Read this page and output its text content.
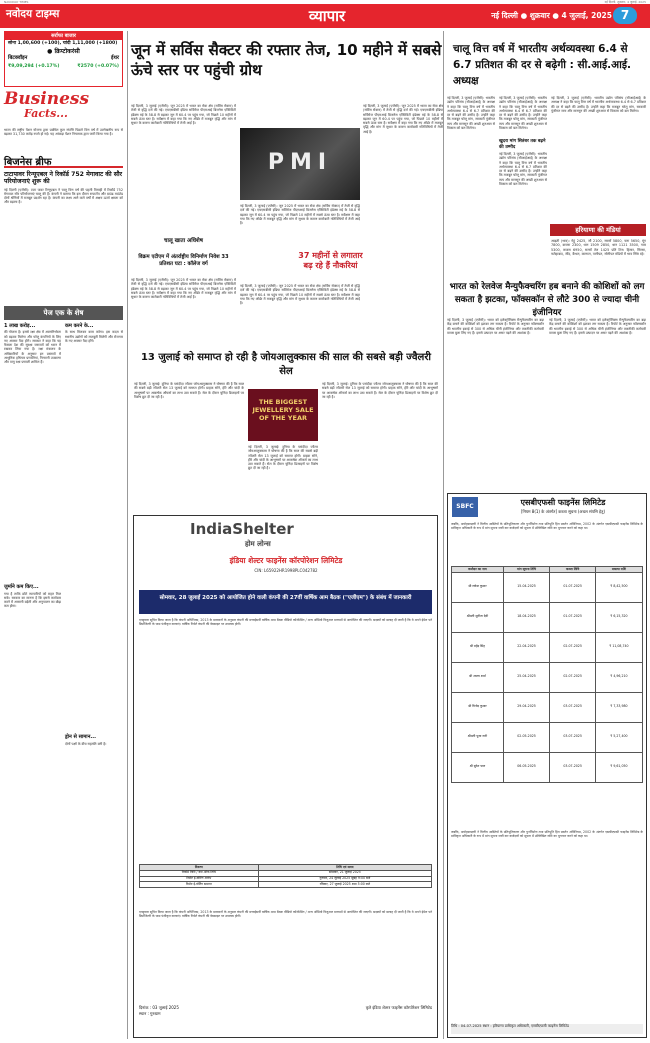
NAVODAY TIMES	नई दिल्ली, शुक्रवार, 4 जुलाई, 2025
नवोदय टाइम्स	व्यापार	नई दिल्ली ● शुक्रवार ● 4 जुलाई, 2025 7
सर्राफा बाजार
सोना 1,00,600 (+100), चांदी 1,11,000 (+1800)
● क्रिप्टोकरंसी
बिटक्वॉइन	ईथर
₹9,09,294 (+0.17%)	₹2570 (+0.07%)
Business
Facts...
भारत की राष्ट्रीय पेंशन योजना द्वारा प्रबंधित कुल संपत्ति पिछले वित्त वर्ष में उल्लेखनीय रूप से बढ़कर 31,730 करोड़ रुपये हो गई। यह आंकड़ा पेंशन नियामक द्वारा जारी किया गया है।
बिजनेस ब्रीफ
टाटापावर रिन्यूएबल ने रिकॉर्ड 752 मेगावाट की सौर परियोजनाएं शुरू की
नई दिल्ली (एजेंसी): टाटा पावर रिन्यूएबल ने चालू वित्त वर्ष की पहली तिमाही में रिकॉर्ड 752 मेगावाट सौर परियोजनाएं चालू की हैं। कंपनी ने बताया कि इस दौरान रूफटॉप और ग्राउंड माउंटेड दोनों श्रेणियों में मजबूत प्रदर्शन रहा है। कंपनी का लक्ष्य आने वाले वर्षों में अक्षय ऊर्जा क्षमता को और बढ़ाना है।
पेज एक के शेष
1 लाख करोड़...
की योजना है। इससे रक्षा क्षेत्र में आत्मनिर्भरता को बढ़ावा मिलेगा और घरेलू कंपनियों के लिए नए अवसर पैदा होंगे। सरकार ने कहा कि यह फैसला देश की सुरक्षा जरूरतों को ध्यान में रखकर लिया गया है। रक्षा मंत्रालय के अधिकारियों के अनुसार इन प्रस्तावों में आधुनिक हथियार प्रणालियां, निगरानी उपकरण और वायु रक्षा प्रणाली शामिल हैं।
जुर्माने कम किए...
गया है ताकि छोटे व्यापारियों को राहत मिल सके। सरकार का मानना है कि इससे कारोबार करने में आसानी बढ़ेगी और अनुपालन का बोझ कम होगा।
कम करने के...
के साथ मिलकर काम करेगा। इस कदम से स्थानीय उद्योगों को मजबूती मिलेगी और रोजगार के नए अवसर पैदा होंगे।
ड्रोन से सामान...
दोनों पक्षों के बीच सहमति बनी है।
जून में सर्विस सैक्टर की रफ्तार तेज, 10 महीने में सबसे ऊंचे स्तर पर पहुंची ग्रोथ
नई दिल्ली, 3 जुलाई (एजेंसी): जून 2025 में भारत का सेवा क्षेत्र (सर्विस सेक्टर) में तेजी से वृद्धि दर्ज की गई। एचएसबीसी इंडिया सर्विसेज पीएमआई बिजनेस एक्टिविटी इंडेक्स मई के 58.8 से बढ़कर जून में 60.4 पर पहुंच गया, जो पिछले 10 महीनों में सबसे ऊंचा स्तर है। सर्वेक्षण में कहा गया कि नए ऑर्डर में मजबूत वृद्धि और मांग में सुधार के कारण कारोबारी गतिविधियों में तेजी आई है।
PMI
नई दिल्ली, 3 जुलाई (एजेंसी): जून 2025 में भारत का सेवा क्षेत्र (सर्विस सेक्टर) में तेजी से वृद्धि दर्ज की गई। एचएसबीसी इंडिया सर्विसेज पीएमआई बिजनेस एक्टिविटी इंडेक्स मई के 58.8 से बढ़कर जून में 60.4 पर पहुंच गया, जो पिछले 10 महीनों में सबसे ऊंचा स्तर है। सर्वेक्षण में कहा गया कि नए ऑर्डर में मजबूत वृद्धि और मांग में सुधार के कारण कारोबारी गतिविधियों में तेजी आई है।
नई दिल्ली, 3 जुलाई (एजेंसी): जून 2025 में भारत का सेवा क्षेत्र (सर्विस सेक्टर) में तेजी से वृद्धि दर्ज की गई। एचएसबीसी इंडिया सर्विसेज पीएमआई बिजनेस एक्टिविटी इंडेक्स मई के 58.8 से बढ़कर जून में 60.4 पर पहुंच गया, जो पिछले 10 महीनों में सबसे ऊंचा स्तर है। सर्वेक्षण में कहा गया कि नए ऑर्डर में मजबूत वृद्धि और मांग में सुधार के कारण कारोबारी गतिविधियों में तेजी आई है।
37 महीनों से लगातार बढ़ रहे हैं नौकरियां
चालू खाता अधिशेष
विक्रम एटीएम में अंतर्राष्ट्रीय विनिर्माण निवेश 33 प्रतिशत घटा : कॉलेज वर्ग
नई दिल्ली, 3 जुलाई (एजेंसी): जून 2025 में भारत का सेवा क्षेत्र (सर्विस सेक्टर) में तेजी से वृद्धि दर्ज की गई। एचएसबीसी इंडिया सर्विसेज पीएमआई बिजनेस एक्टिविटी इंडेक्स मई के 58.8 से बढ़कर जून में 60.4 पर पहुंच गया, जो पिछले 10 महीनों में सबसे ऊंचा स्तर है। सर्वेक्षण में कहा गया कि नए ऑर्डर में मजबूत वृद्धि और मांग में सुधार के कारण कारोबारी गतिविधियों में तेजी आई है।
नई दिल्ली, 3 जुलाई (एजेंसी): जून 2025 में भारत का सेवा क्षेत्र (सर्विस सेक्टर) में तेजी से वृद्धि दर्ज की गई। एचएसबीसी इंडिया सर्विसेज पीएमआई बिजनेस एक्टिविटी इंडेक्स मई के 58.8 से बढ़कर जून में 60.4 पर पहुंच गया, जो पिछले 10 महीनों में सबसे ऊंचा स्तर है। सर्वेक्षण में कहा गया कि नए ऑर्डर में मजबूत वृद्धि और मांग में सुधार के कारण कारोबारी गतिविधियों में तेजी आई है।
चालू वित्त वर्ष में भारतीय अर्थव्यवस्था 6.4 से 6.7 प्रतिशत की दर से बढ़ेगी : सी.आई.आई. अध्यक्ष
नई दिल्ली, 3 जुलाई (एजेंसी): भारतीय उद्योग परिसंघ (सीआईआई) के अध्यक्ष ने कहा कि चालू वित्त वर्ष में भारतीय अर्थव्यवस्था 6.4 से 6.7 प्रतिशत की दर से बढ़ने की उम्मीद है। उन्होंने कहा कि मजबूत घरेलू मांग, सरकारी पूंजीगत व्यय और मानसून की अच्छी शुरुआत से विकास को बल मिलेगा।
नई दिल्ली, 3 जुलाई (एजेंसी): भारतीय उद्योग परिसंघ (सीआईआई) के अध्यक्ष ने कहा कि चालू वित्त वर्ष में भारतीय अर्थव्यवस्था 6.4 से 6.7 प्रतिशत की दर से बढ़ने की उम्मीद है। उन्होंने कहा कि मजबूत घरेलू मांग, सरकारी पूंजीगत व्यय और मानसून की अच्छी शुरुआत से विकास को बल मिलेगा।
खुदरा मांग सितंबर तक बढ़ने की उम्मीद
नई दिल्ली, 3 जुलाई (एजेंसी): भारतीय उद्योग परिसंघ (सीआईआई) के अध्यक्ष ने कहा कि चालू वित्त वर्ष में भारतीय अर्थव्यवस्था 6.4 से 6.7 प्रतिशत की दर से बढ़ने की उम्मीद है। उन्होंने कहा कि मजबूत घरेलू मांग, सरकारी पूंजीगत व्यय और मानसून की अच्छी शुरुआत से विकास को बल मिलेगा।
नई दिल्ली, 3 जुलाई (एजेंसी): भारतीय उद्योग परिसंघ (सीआईआई) के अध्यक्ष ने कहा कि चालू वित्त वर्ष में भारतीय अर्थव्यवस्था 6.4 से 6.7 प्रतिशत की दर से बढ़ने की उम्मीद है। उन्होंने कहा कि मजबूत घरेलू मांग, सरकारी पूंजीगत व्यय और मानसून की अच्छी शुरुआत से विकास को बल मिलेगा।
हरियाणा की मंडियां
आढ़ती (भाव): गेहूं 2425, जौ 2100, सरसों 5800, चना 5650, मूंग 7800, बाजरा 2300, धान 1509 2850, धान 1121 3500, ग्वार 5300, कपास 6950, सरसों तेल 1425 प्रति टिन। हिसार, सिरसा, फतेहाबाद, जींद, कैथल, करनाल, पानीपत, सोनीपत मंडियों में भाव स्थिर रहे।
भारत को रेलवेज मैन्युफैक्चरिंग हब बनाने की कोशिशों को लग सकता है झटका, फॉक्सकॉन से लौटे 300 से ज्यादा चीनी इंजीनियर
नई दिल्ली, 3 जुलाई (एजेंसी): भारत को इलेक्ट्रॉनिक्स मैन्युफैक्चरिंग का बड़ा केंद्र बनाने की कोशिशों को झटका लग सकता है। रिपोर्ट के अनुसार फॉक्सकॉन की भारतीय इकाई से 300 से अधिक चीनी इंजीनियर और तकनीकी कर्मचारी वापस बुला लिए गए हैं। इससे उत्पादन पर असर पड़ने की आशंका है।
नई दिल्ली, 3 जुलाई (एजेंसी): भारत को इलेक्ट्रॉनिक्स मैन्युफैक्चरिंग का बड़ा केंद्र बनाने की कोशिशों को झटका लग सकता है। रिपोर्ट के अनुसार फॉक्सकॉन की भारतीय इकाई से 300 से अधिक चीनी इंजीनियर और तकनीकी कर्मचारी वापस बुला लिए गए हैं। इससे उत्पादन पर असर पड़ने की आशंका है।
13 जुलाई को समाप्त हो रही है जोयआलुक्कास की साल की सबसे बड़ी ज्वैलरी सेल
नई दिल्ली, 3 जुलाई: दुनिया के पसंदीदा ज्वैलर जोयआलुक्कास ने घोषणा की है कि साल की सबसे बड़ी ज्वैलरी सेल 13 जुलाई को समाप्त होगी। ग्राहक सोने, हीरे और चांदी के आभूषणों पर आकर्षक ऑफर्स का लाभ उठा सकते हैं। सेल के दौरान चुनिंदा डिजाइनों पर विशेष छूट दी जा रही है।
THE BIGGEST JEWELLERY SALE OF THE YEAR
नई दिल्ली, 3 जुलाई: दुनिया के पसंदीदा ज्वैलर जोयआलुक्कास ने घोषणा की है कि साल की सबसे बड़ी ज्वैलरी सेल 13 जुलाई को समाप्त होगी। ग्राहक सोने, हीरे और चांदी के आभूषणों पर आकर्षक ऑफर्स का लाभ उठा सकते हैं। सेल के दौरान चुनिंदा डिजाइनों पर विशेष छूट दी जा रही है।
नई दिल्ली, 3 जुलाई: दुनिया के पसंदीदा ज्वैलर जोयआलुक्कास ने घोषणा की है कि साल की सबसे बड़ी ज्वैलरी सेल 13 जुलाई को समाप्त होगी। ग्राहक सोने, हीरे और चांदी के आभूषणों पर आकर्षक ऑफर्स का लाभ उठा सकते हैं। सेल के दौरान चुनिंदा डिजाइनों पर विशेष छूट दी जा रही है।
IndiaShelter
होम लोन्स
इंडिया शेल्टर फाइनेंस कॉरपोरेशन लिमिटेड
CIN: L65922HR1998PLC042782
सोमवार, 28 जुलाई 2025 को आयोजित होने वाली कंपनी की 27वीं वार्षिक आम बैठक ("एजीएम") के संबंध में जानकारी
एतद्द्वारा सूचित किया जाता है कि कंपनी अधिनियम, 2013 के प्रावधानों के अनुसार कंपनी की सत्ताईसवीं वार्षिक आम बैठक वीडियो कॉन्फ्रेंसिंग / अन्य ऑडियो विजुअल माध्यमों से आयोजित की जाएगी। सदस्यों को सलाह दी जाती है कि वे अपने ईमेल पते डिपॉजिटरी के पास पंजीकृत करवाएं। वार्षिक रिपोर्ट कंपनी की वेबसाइट पर उपलब्ध होगी।
विवरण	तिथि एवं समय
रिकॉर्ड तिथि / कट-ऑफ तिथि	सोमवार, 21 जुलाई 2025
रिमोट ई-वोटिंग आरंभ	गुरुवार, 24 जुलाई 2025 सुबह 9:00 बजे
रिमोट ई-वोटिंग समाप्त	रविवार, 27 जुलाई 2025 शाम 5:00 बजे
एतद्द्वारा सूचित किया जाता है कि कंपनी अधिनियम, 2013 के प्रावधानों के अनुसार कंपनी की सत्ताईसवीं वार्षिक आम बैठक वीडियो कॉन्फ्रेंसिंग / अन्य ऑडियो विजुअल माध्यमों से आयोजित की जाएगी। सदस्यों को सलाह दी जाती है कि वे अपने ईमेल पते डिपॉजिटरी के पास पंजीकृत करवाएं। वार्षिक रिपोर्ट कंपनी की वेबसाइट पर उपलब्ध होगी।
दिनांक : 03 जुलाई 2025
स्थान : गुरुग्राम
कृते इंडिया शेल्टर फाइनेंस कॉरपोरेशन लिमिटेड
SBFC	एसबीएफसी फाइनेंस लिमिटेड
[नियम 8(1) के अंतर्गत] कब्जा सूचना (अचल संपत्ति हेतु)
जबकि, अधोहस्ताक्षरी ने वित्तीय आस्तियों के प्रतिभूतिकरण और पुनर्निर्माण तथा प्रतिभूति हित प्रवर्तन अधिनियम, 2002 के अंतर्गत एसबीएफसी फाइनेंस लिमिटेड के प्राधिकृत अधिकारी के रूप में मांग सूचना जारी कर कर्जदारों को सूचना में उल्लिखित राशि का भुगतान करने को कहा था।
कर्जदार का नाम	मांग सूचना तिथि	कब्जा तिथि	बकाया राशि
श्री राकेश कुमार	15-04-2025	01-07-2025	₹ 8,42,500
श्रीमती सुनीता देवी	18-04-2025	01-07-2025	₹ 6,15,320
श्री महेंद्र सिंह	22-04-2025	02-07-2025	₹ 11,08,740
श्री अजय शर्मा	25-04-2025	02-07-2025	₹ 4,96,210
श्री विनोद कुमार	29-04-2025	03-07-2025	₹ 7,33,980
श्रीमती पूजा रानी	02-05-2025	03-07-2025	₹ 5,27,400
श्री सुरेश पाल	06-05-2025	03-07-2025	₹ 9,61,050
जबकि, अधोहस्ताक्षरी ने वित्तीय आस्तियों के प्रतिभूतिकरण और पुनर्निर्माण तथा प्रतिभूति हित प्रवर्तन अधिनियम, 2002 के अंतर्गत एसबीएफसी फाइनेंस लिमिटेड के प्राधिकृत अधिकारी के रूप में मांग सूचना जारी कर कर्जदारों को सूचना में उल्लिखित राशि का भुगतान करने को कहा था।
तिथि : 04-07-2025 स्थान : हरियाणा प्राधिकृत अधिकारी, एसबीएफसी फाइनेंस लिमिटेड
